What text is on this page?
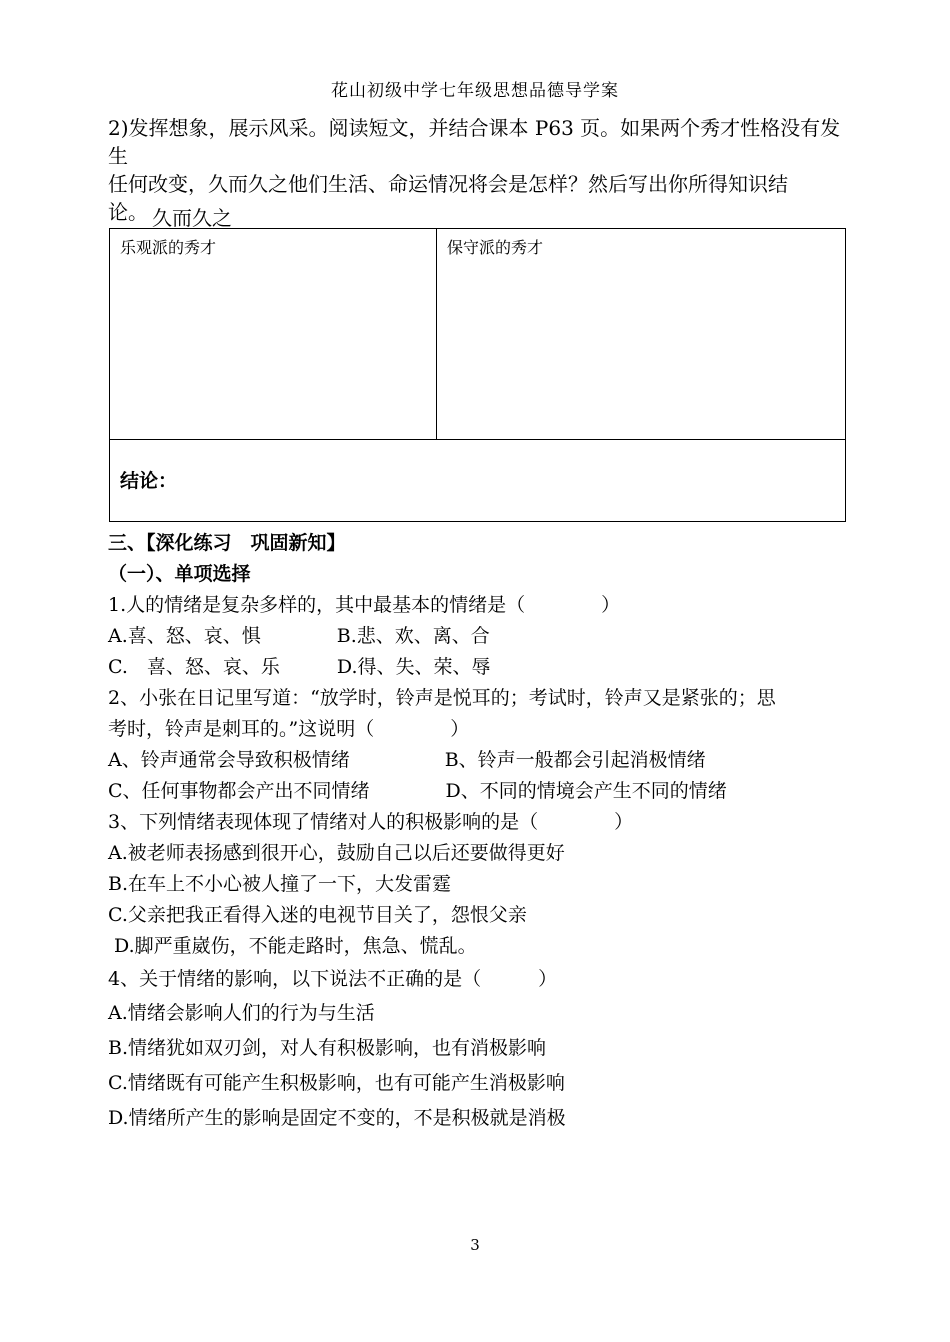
花山初级中学七年级思想品德导学案
2)发挥想象，展示风采。阅读短文，并结合课本 P63 页。如果两个秀才性格没有发生
任何改变，久而久之他们生活、命运情况将会是怎样？然后写出你所得知识结
论。 久而久之
乐观派的秀才	保守派的秀才
结论：
三、【深化练习　巩固新知】
（一）、单项选择
1.人的情绪是复杂多样的，其中最基本的情绪是（　　　　）
A.喜、怒、哀、惧　　　　B.悲、欢、离、合
C.　喜、怒、哀、乐　　　D.得、失、荣、辱
2、小张在日记里写道：“放学时，铃声是悦耳的；考试时，铃声又是紧张的；思
考时，铃声是刺耳的。”这说明（　　　　）
A、铃声通常会导致积极情绪　　　　　B、铃声一般都会引起消极情绪
C、任何事物都会产出不同情绪　　　　D、不同的情境会产生不同的情绪
3、下列情绪表现体现了情绪对人的积极影响的是（　　　　）
A.被老师表扬感到很开心，鼓励自己以后还要做得更好
B.在车上不小心被人撞了一下，大发雷霆
C.父亲把我正看得入迷的电视节目关了，怨恨父亲
D.脚严重崴伤，不能走路时，焦急、慌乱。
4、关于情绪的影响，以下说法不正确的是（　　　）
A.情绪会影响人们的行为与生活
B.情绪犹如双刃剑，对人有积极影响，也有消极影响
C.情绪既有可能产生积极影响，也有可能产生消极影响
D.情绪所产生的影响是固定不变的，不是积极就是消极
3
